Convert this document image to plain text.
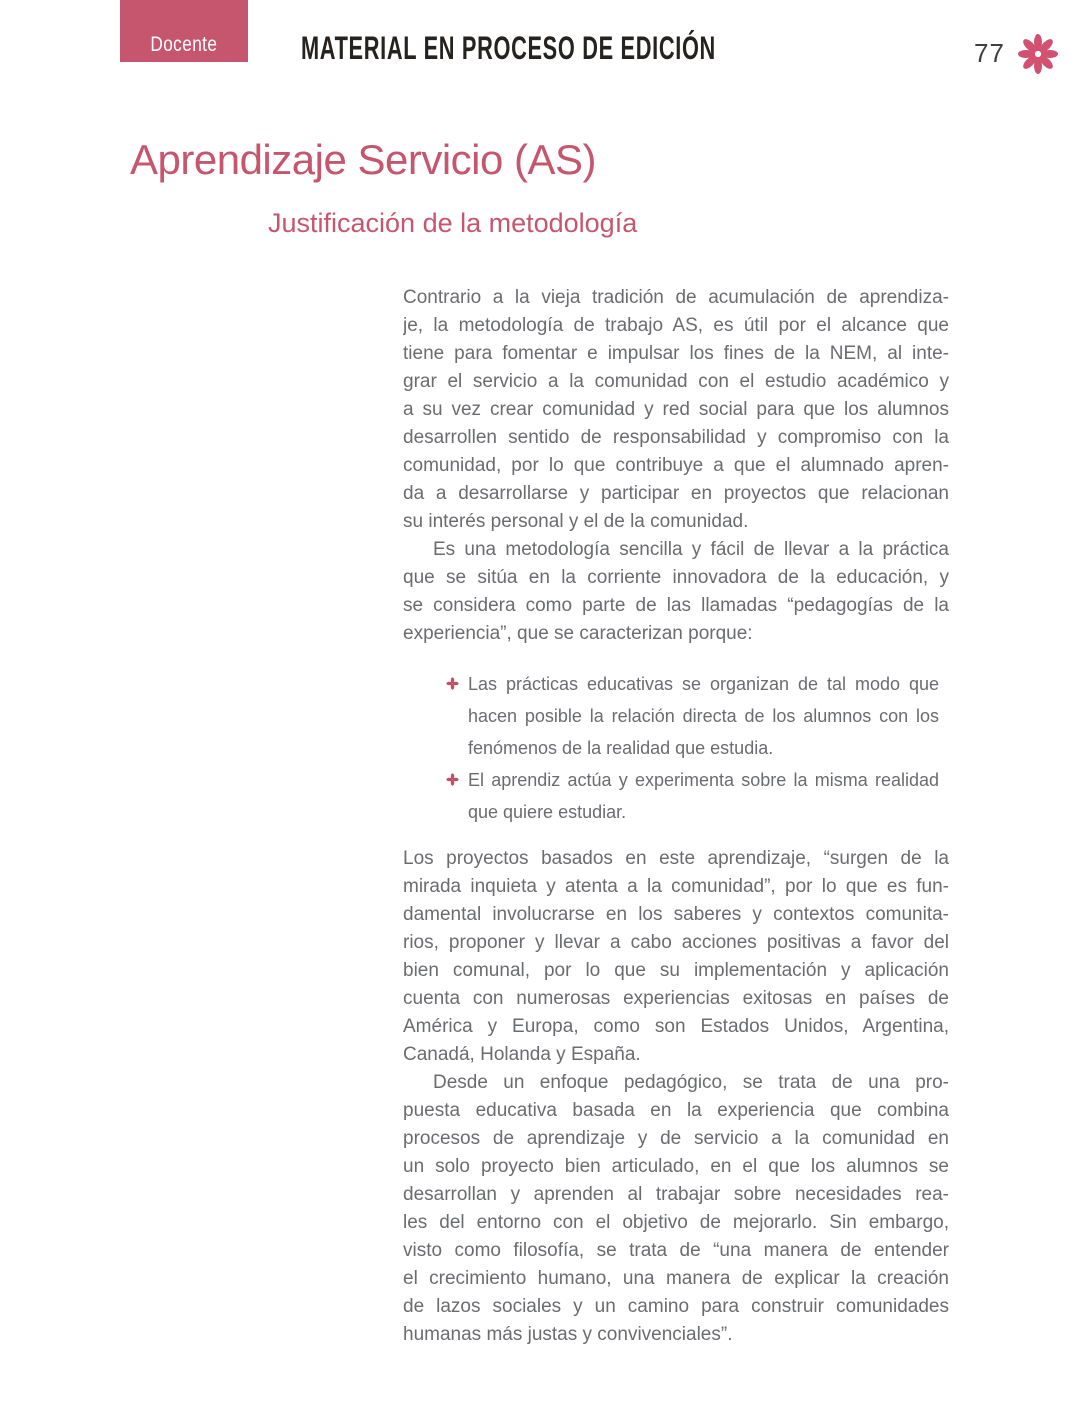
Docente	MATERIAL EN PROCESO DE EDICIÓN	77
Aprendizaje Servicio (AS)
Justificación de la metodología
Contrario a la vieja tradición de acumulación de aprendiza-
je, la metodología de trabajo AS, es útil por el alcance que
tiene para fomentar e impulsar los fines de la NEM, al inte-
grar el servicio a la comunidad con el estudio académico y
a su vez crear comunidad y red social para que los alumnos
desarrollen sentido de responsabilidad y compromiso con la
comunidad, por lo que contribuye a que el alumnado apren-
da a desarrollarse y participar en proyectos que relacionan
su interés personal y el de la comunidad.
Es una metodología sencilla y fácil de llevar a la práctica
que se sitúa en la corriente innovadora de la educación, y
se considera como parte de las llamadas “pedagogías de la
experiencia”, que se caracterizan porque:
Las prácticas educativas se organizan de tal modo que
hacen posible la relación directa de los alumnos con los
fenómenos de la realidad que estudia.
El aprendiz actúa y experimenta sobre la misma realidad
que quiere estudiar.
Los proyectos basados en este aprendizaje, “surgen de la
mirada inquieta y atenta a la comunidad”, por lo que es fun-
damental involucrarse en los saberes y contextos comunita-
rios, proponer y llevar a cabo acciones positivas a favor del
bien comunal, por lo que su implementación y aplicación
cuenta con numerosas experiencias exitosas en países de
América y Europa, como son Estados Unidos, Argentina,
Canadá, Holanda y España.
Desde un enfoque pedagógico, se trata de una pro-
puesta educativa basada en la experiencia que combina
procesos de aprendizaje y de servicio a la comunidad en
un solo proyecto bien articulado, en el que los alumnos se
desarrollan y aprenden al trabajar sobre necesidades rea-
les del entorno con el objetivo de mejorarlo. Sin embargo,
visto como filosofía, se trata de “una manera de entender
el crecimiento humano, una manera de explicar la creación
de lazos sociales y un camino para construir comunidades
humanas más justas y convivenciales”.
